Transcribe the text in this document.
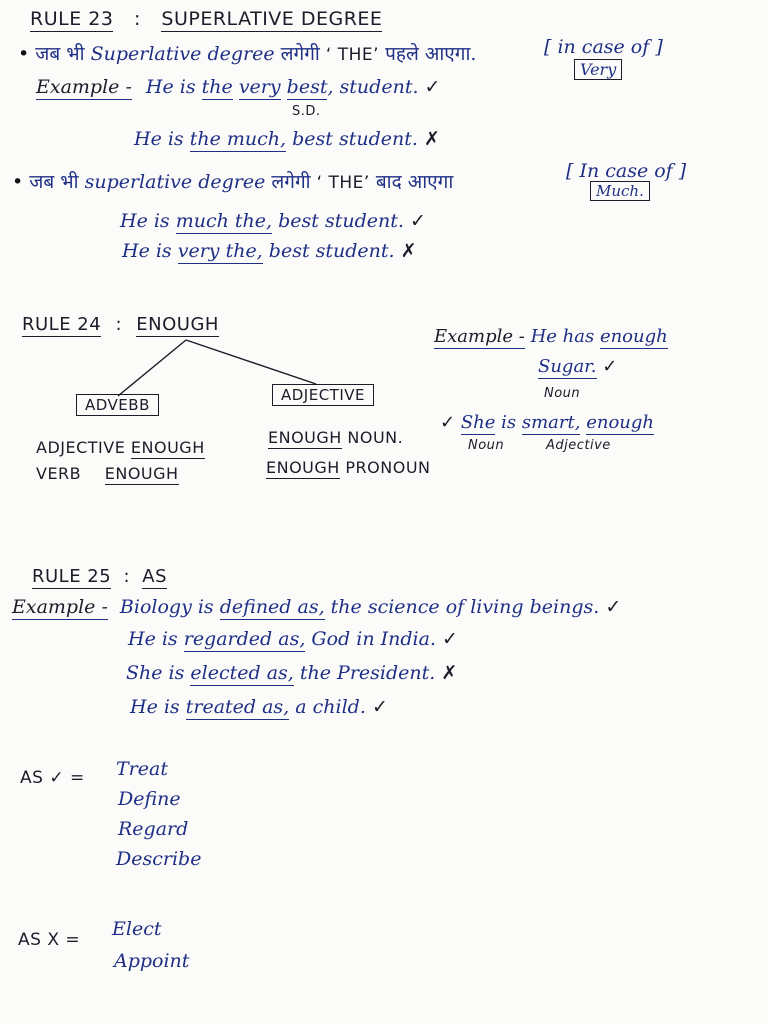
RULE 23 : SUPERLATIVE DEGREE
• जब भी Superlative degree लगेगी ‘ THE’ पहले आएगा.	[ in case of ]
Very
Example - He is the very best, student. ✓
S.D.
He is the much, best student. ✗
• जब भी superlative degree लगेगी ‘ THE’ बाद आएगा	[ In case of ]
Much.
He is much the, best student. ✓
He is very the, best student. ✗
RULE 24 : ENOUGH
ADVEBB
ADJECTIVE
ADJECTIVE ENOUGH
VERB ENOUGH
ENOUGH NOUN.
ENOUGH PRONOUN
Example - He has enough
Sugar. ✓
Noun
✓ She is smart, enough
Noun	Adjective
RULE 25 : AS
Example - Biology is defined as, the science of living beings. ✓
He is regarded as, God in India. ✓
She is elected as, the President. ✗
He is treated as, a child. ✓
AS ✓ = Treat
Define
Regard
Describe
AS X = Elect
Appoint
